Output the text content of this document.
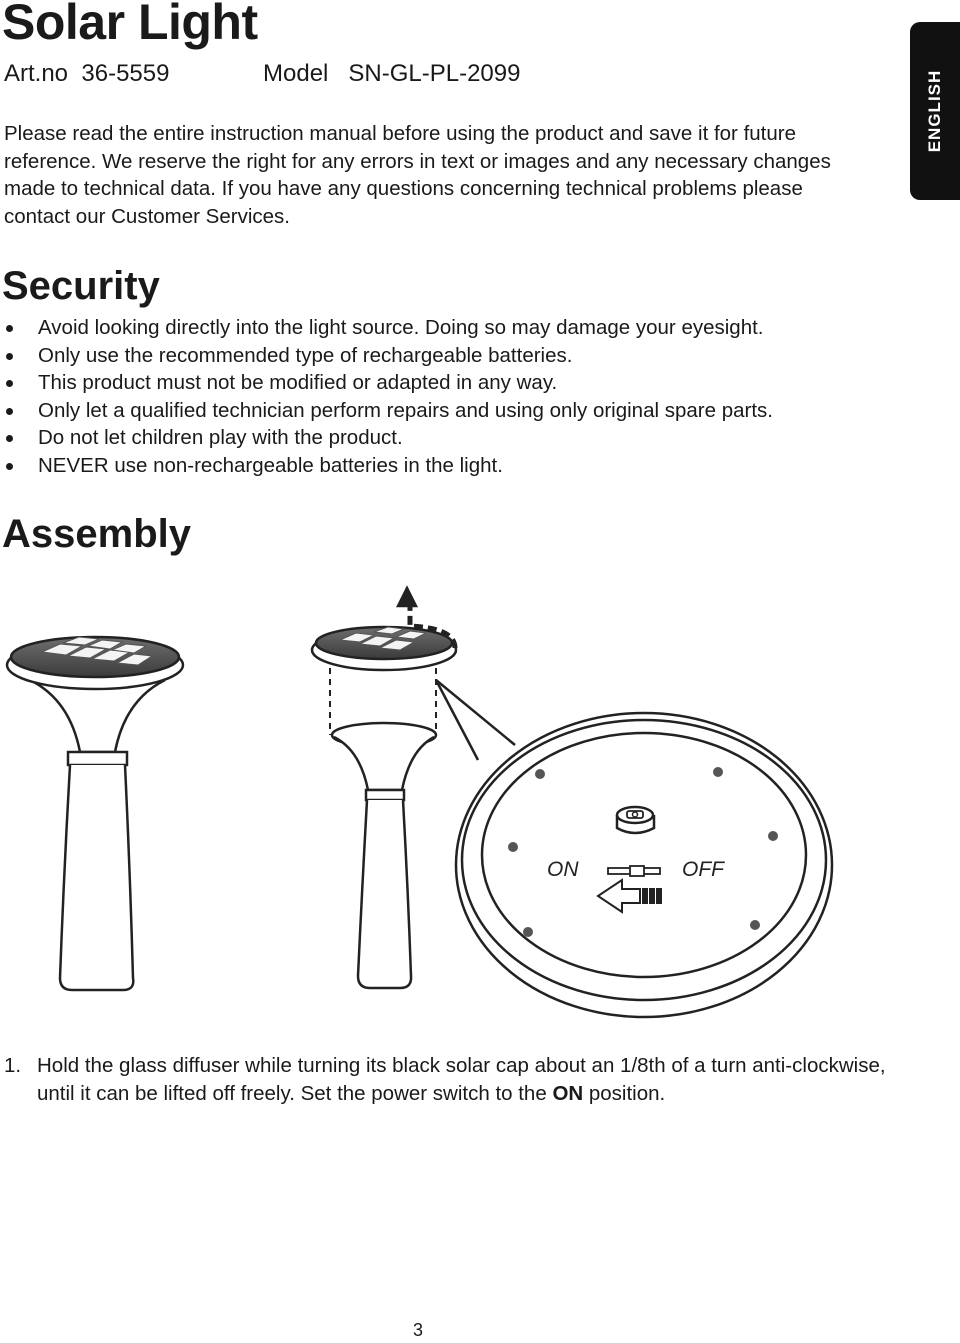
Solar Light
Art.no 36-5559	Model SN-GL-PL-2099	ENGLISH

Please read the entire instruction manual before using the product and save it for future reference. We reserve the right for any errors in text or images and any necessary changes made to technical data. If you have any questions concerning technical problems please contact our Customer Services.

Security
Avoid looking directly into the light source. Doing so may damage your eyesight.
Only use the recommended type of rechargeable batteries.
This product must not be modified or adapted in any way.
Only let a qualified technician perform repairs and using only original spare parts.
Do not let children play with the product.
NEVER use non-rechargeable batteries in the light.
Assembly
ON	OFF
1. Hold the glass diffuser while turning its black solar cap about an 1/8th of a turn anti-clockwise, until it can be lifted off freely. Set the power switch to the ON position.
3
